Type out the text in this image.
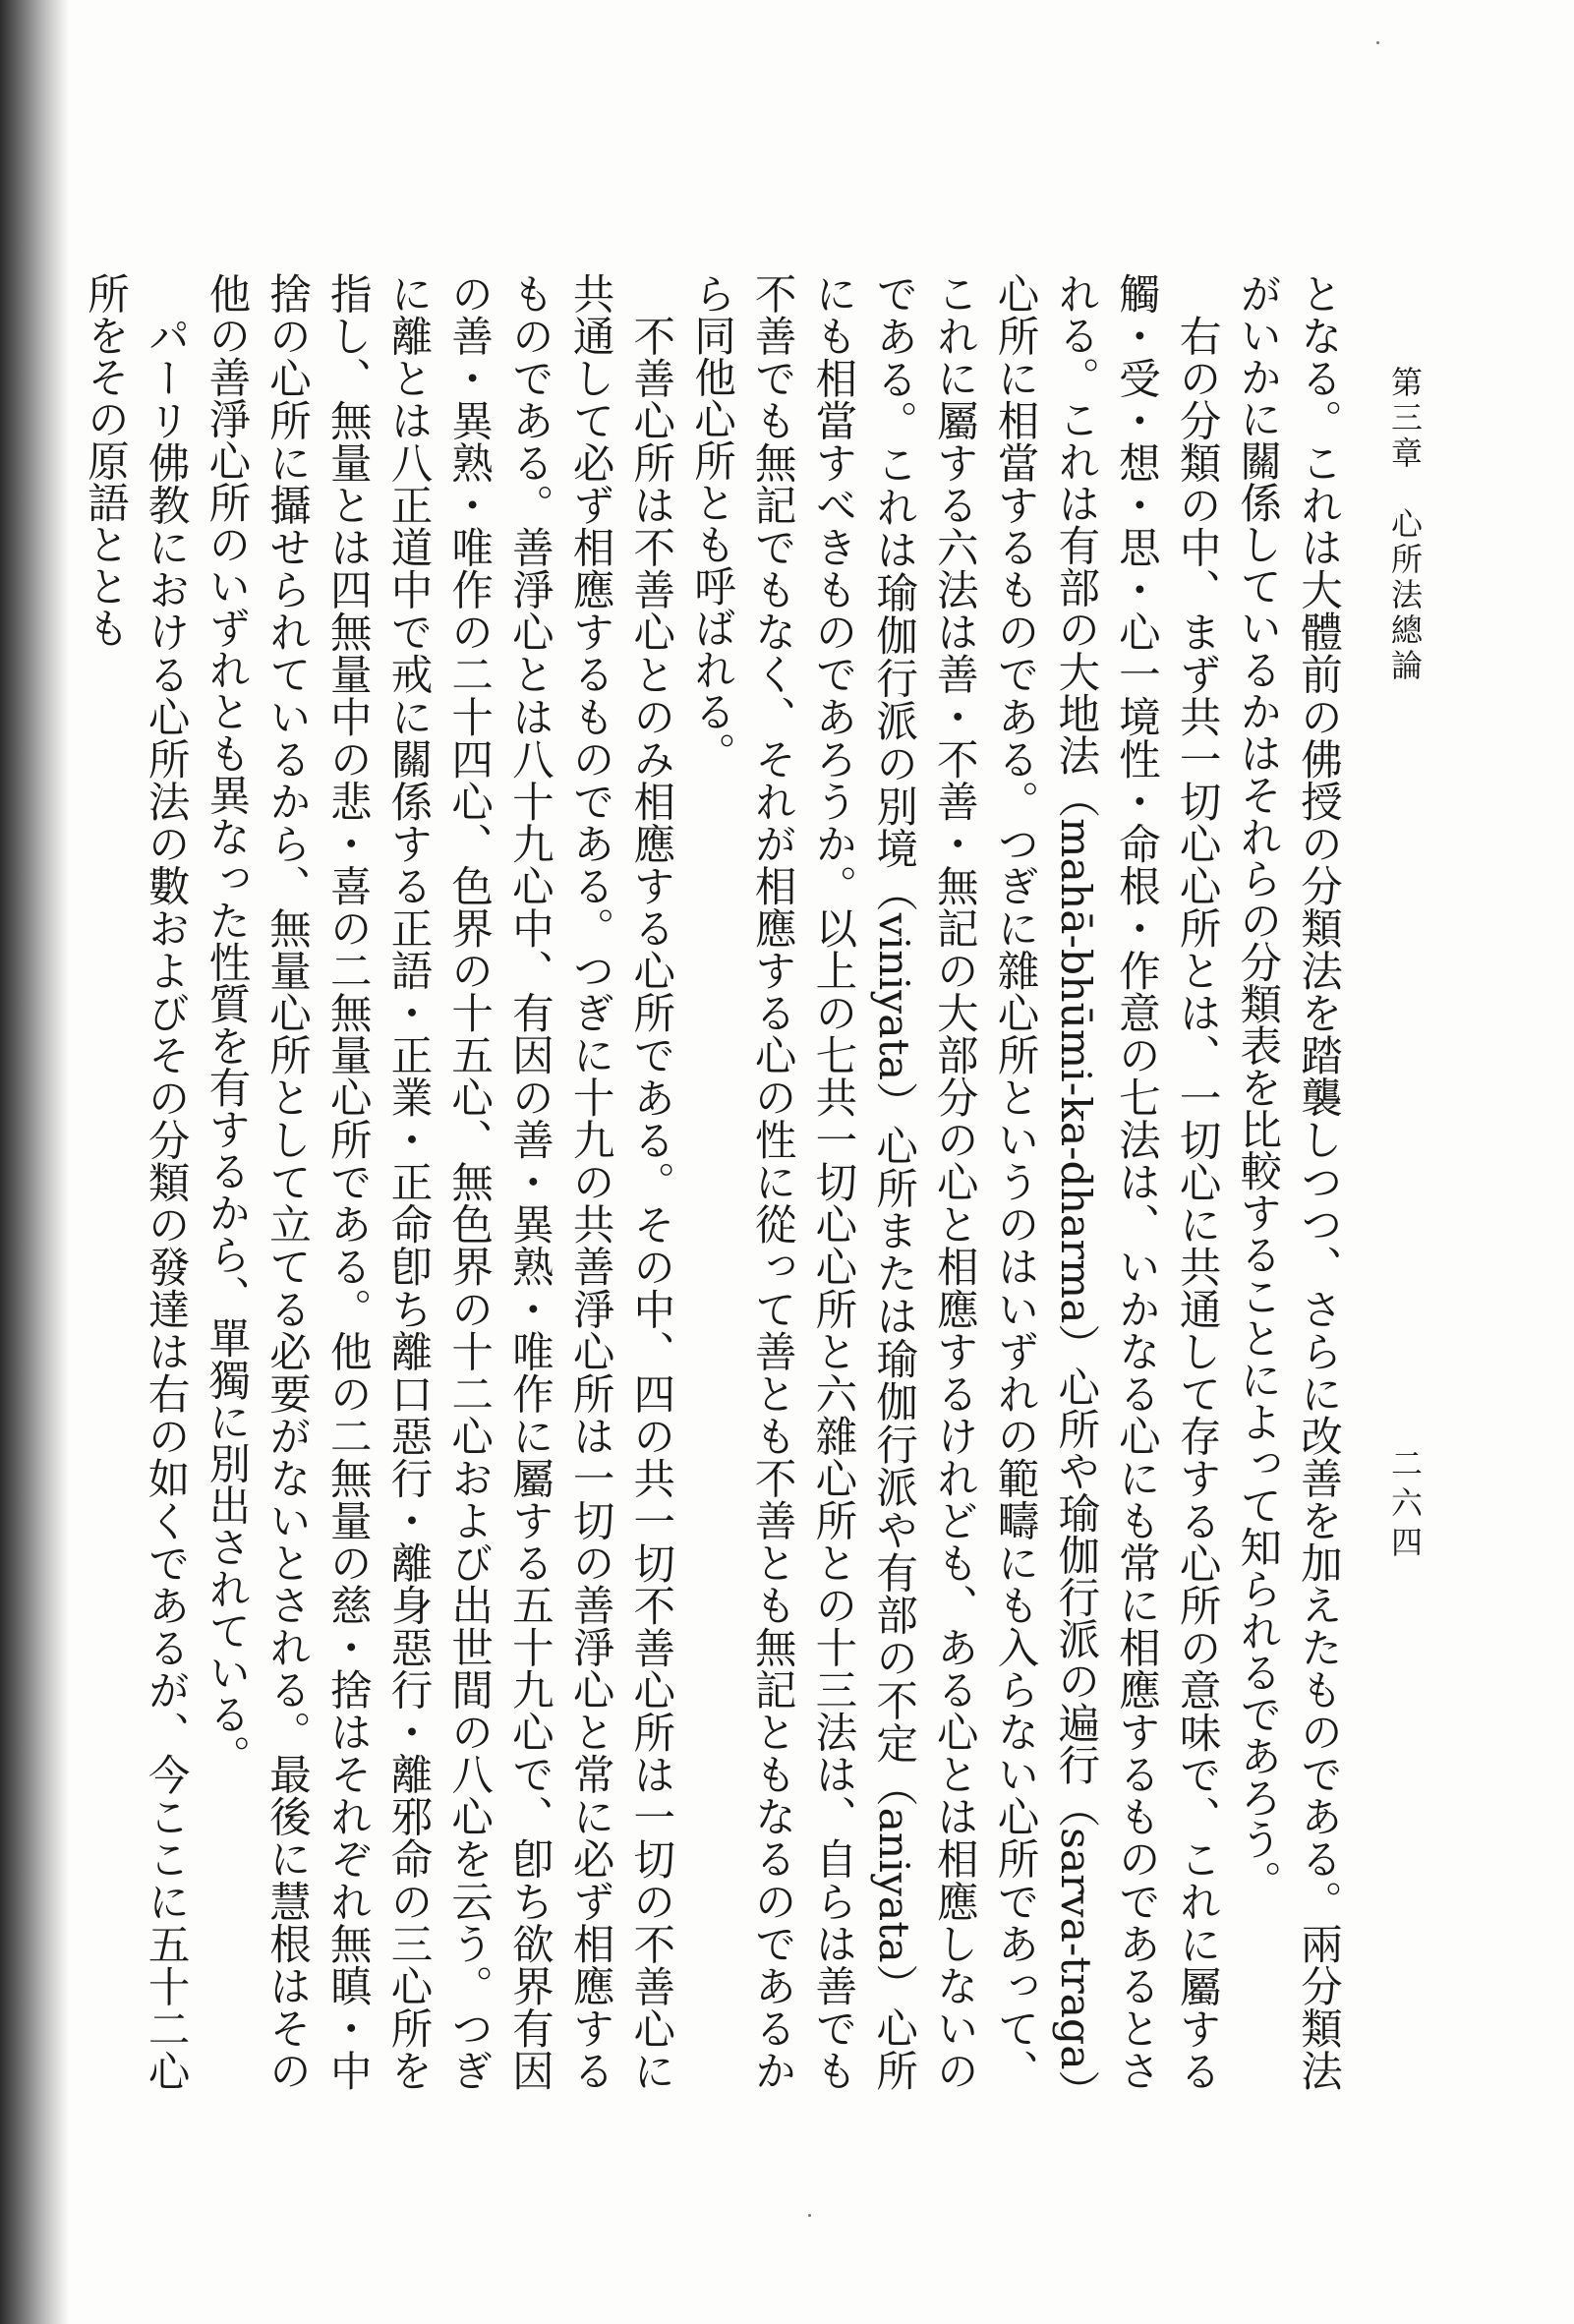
第三章　心所法總論
二六四

となる。これは大體前の佛授の分類法を踏襲しつつ、さらに改善を加えたものである。兩分類法がいかに關係しているかはそれらの分類表を比較することによって知られるであろう。

右の分類の中、まず共一切心心所とは、一切心に共通して存する心所の意味で、これに屬する觸・受・想・思・心一境性・命根・作意の七法は、いかなる心にも常に相應するものであるとされる。これは有部の大地法（mahā-bhūmi-ka-dharma）心所や瑜伽行派の遍行（sarva-traga）心所に相當するものである。つぎに雜心所というのはいずれの範疇にも入らない心所であって、これに屬する六法は善・不善・無記の大部分の心と相應するけれども、ある心とは相應しないのである。これは瑜伽行派の別境（viniyata）心所または瑜伽行派や有部の不定（aniyata）心所にも相當すべきものであろうか。以上の七共一切心心所と六雜心所との十三法は、自らは善でも不善でも無記でもなく、それが相應する心の性に從って善とも不善とも無記ともなるのであるから同他心所とも呼ばれる。

不善心所は不善心とのみ相應する心所である。その中、四の共一切不善心所は一切の不善心に共通して必ず相應するものである。つぎに十九の共善淨心所は一切の善淨心と常に必ず相應するものである。善淨心とは八十九心中、有因の善・異熟・唯作に屬する五十九心で、卽ち欲界有因の善・異熟・唯作の二十四心、色界の十五心、無色界の十二心および出世間の八心を云う。つぎに離とは八正道中で戒に關係する正語・正業・正命卽ち離口惡行・離身惡行・離邪命の三心所を指し、無量とは四無量中の悲・喜の二無量心所である。他の二無量の慈・捨はそれぞれ無瞋・中捨の心所に攝せられているから、無量心所として立てる必要がないとされる。最後に慧根はその他の善淨心所のいずれとも異なった性質を有するから、單獨に別出されている。

パーリ佛教における心所法の數およびその分類の發達は右の如くであるが、今ここに五十二心所をその原語ととも
